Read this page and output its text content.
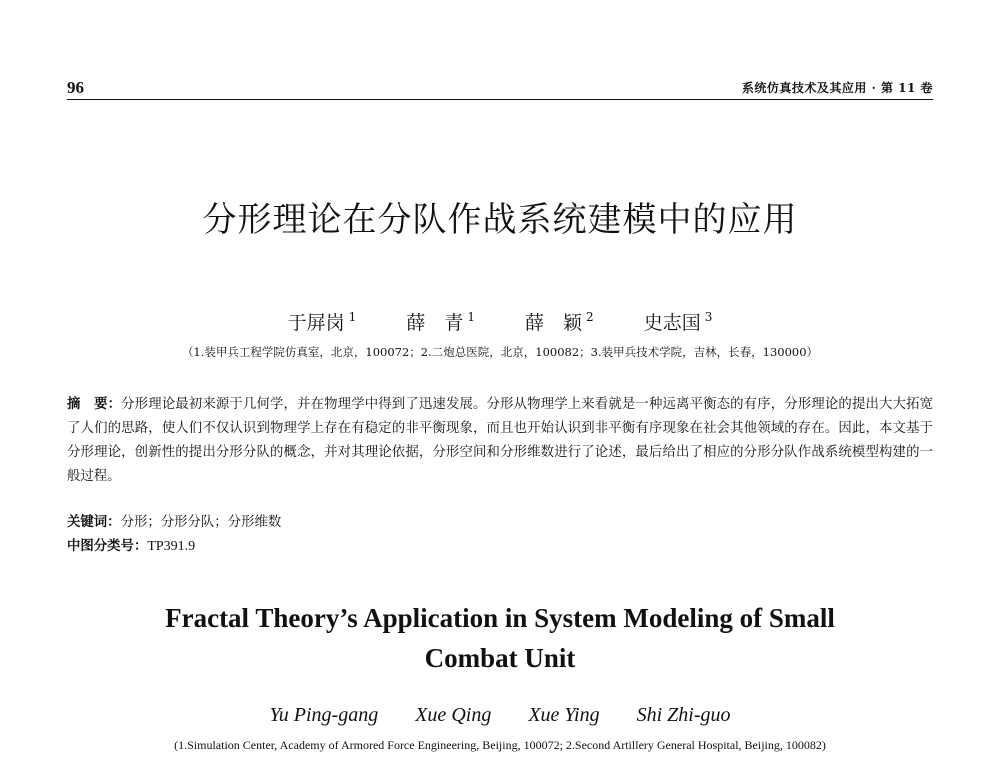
96	系统仿真技术及其应用 · 第 11 卷
分形理论在分队作战系统建模中的应用
于屏岗 $^1$	薛　青 $^1$	薛　颖 $^2$	史志国 $^3$
（1.装甲兵工程学院仿真室，北京，100072；2.二炮总医院，北京，100082；3.装甲兵技术学院，吉林，长春，130000）
摘　要：分形理论最初来源于几何学，并在物理学中得到了迅速发展。分形从物理学上来看就是一种远离平衡态的有序，分形理论的提出大大拓宽了人们的思路，使人们不仅认识到物理学上存在有稳定的非平衡现象，而且也开始认识到非平衡有序现象在社会其他领域的存在。因此，本文基于分形理论，创新性的提出分形分队的概念，并对其理论依据，分形空间和分形维数进行了论述，最后给出了相应的分形分队作战系统模型构建的一般过程。
关键词：分形；分形分队；分形维数
中图分类号：TP391.9
Fractal Theory’s Application in System Modeling of Small
Combat Unit
Yu Ping-gang Xue Qing Xue Ying Shi Zhi-guo
(1.Simulation Center, Academy of Armored Force Engineering, Beijing, 100072; 2.Second Artillery General Hospital, Beijing, 100082)
